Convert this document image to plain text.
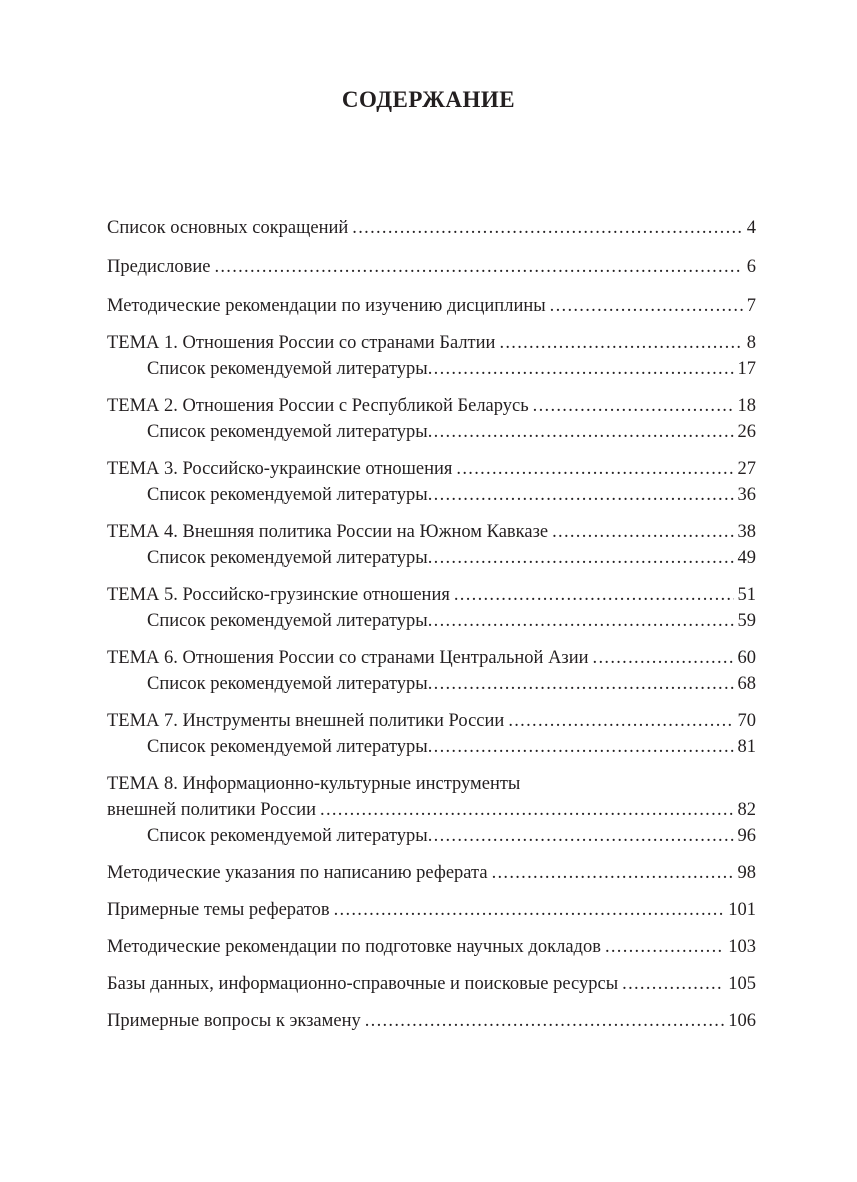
СОДЕРЖАНИЕ
Список основных сокращений .....	4
Предисловие .....	6
Методические рекомендации по изучению дисциплины .....	7
ТЕМА 1. Отношения России со странами Балтии .....	8
Список рекомендуемой литературы .....	17
ТЕМА 2. Отношения России с Республикой Беларусь .....	18
Список рекомендуемой литературы .....	26
ТЕМА 3. Российско-украинские отношения .....	27
Список рекомендуемой литературы .....	36
ТЕМА 4. Внешняя политика России на Южном Кавказе .....	38
Список рекомендуемой литературы .....	49
ТЕМА 5. Российско-грузинские отношения .....	51
Список рекомендуемой литературы .....	59
ТЕМА 6. Отношения России со странами Центральной Азии .....	60
Список рекомендуемой литературы .....	68
ТЕМА 7. Инструменты внешней политики России .....	70
Список рекомендуемой литературы .....	81
ТЕМА 8. Информационно-культурные инструменты
внешней политики России .....	82
Список рекомендуемой литературы .....	96
Методические указания по написанию реферата .....	98
Примерные темы рефератов .....	101
Методические рекомендации по подготовке научных докладов .....	103
Базы данных, информационно-справочные и поисковые ресурсы .....	105
Примерные вопросы к экзамену .....	106
